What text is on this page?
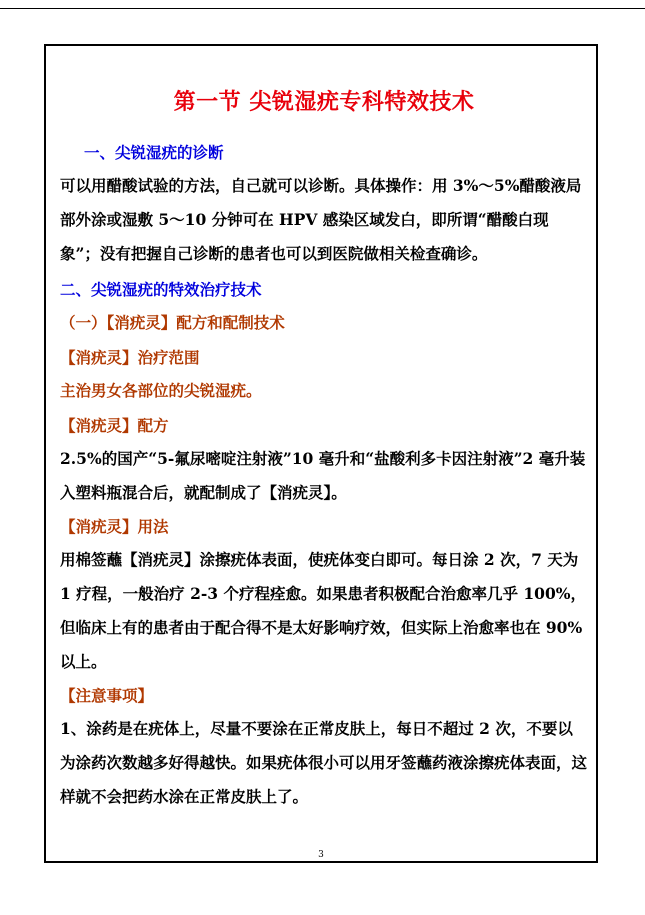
第一节 尖锐湿疣专科特效技术
一、尖锐湿疣的诊断
可以用醋酸试验的方法，自己就可以诊断。具体操作：用 3%～5%醋酸液局部外涂或湿敷 5～10 分钟可在 HPV 感染区域发白，即所谓“醋酸白现象”；没有把握自己诊断的患者也可以到医院做相关检查确诊。
二、尖锐湿疣的特效治疗技术
（一）【消疣灵】配方和配制技术
【消疣灵】治疗范围
主治男女各部位的尖锐湿疣。
【消疣灵】配方
2.5%的国产“5-氟尿嘧啶注射液”10 毫升和“盐酸利多卡因注射液”2 毫升装入塑料瓶混合后，就配制成了【消疣灵】。
【消疣灵】用法
用棉签蘸【消疣灵】涂擦疣体表面，使疣体变白即可。每日涂 2 次，7 天为 1 疗程，一般治疗 2-3 个疗程痊愈。如果患者积极配合治愈率几乎 100%，但临床上有的患者由于配合得不是太好影响疗效，但实际上治愈率也在 90%以上。
【注意事项】
1、涂药是在疣体上，尽量不要涂在正常皮肤上，每日不超过 2 次，不要以为涂药次数越多好得越快。如果疣体很小可以用牙签蘸药液涂擦疣体表面，这样就不会把药水涂在正常皮肤上了。
3
